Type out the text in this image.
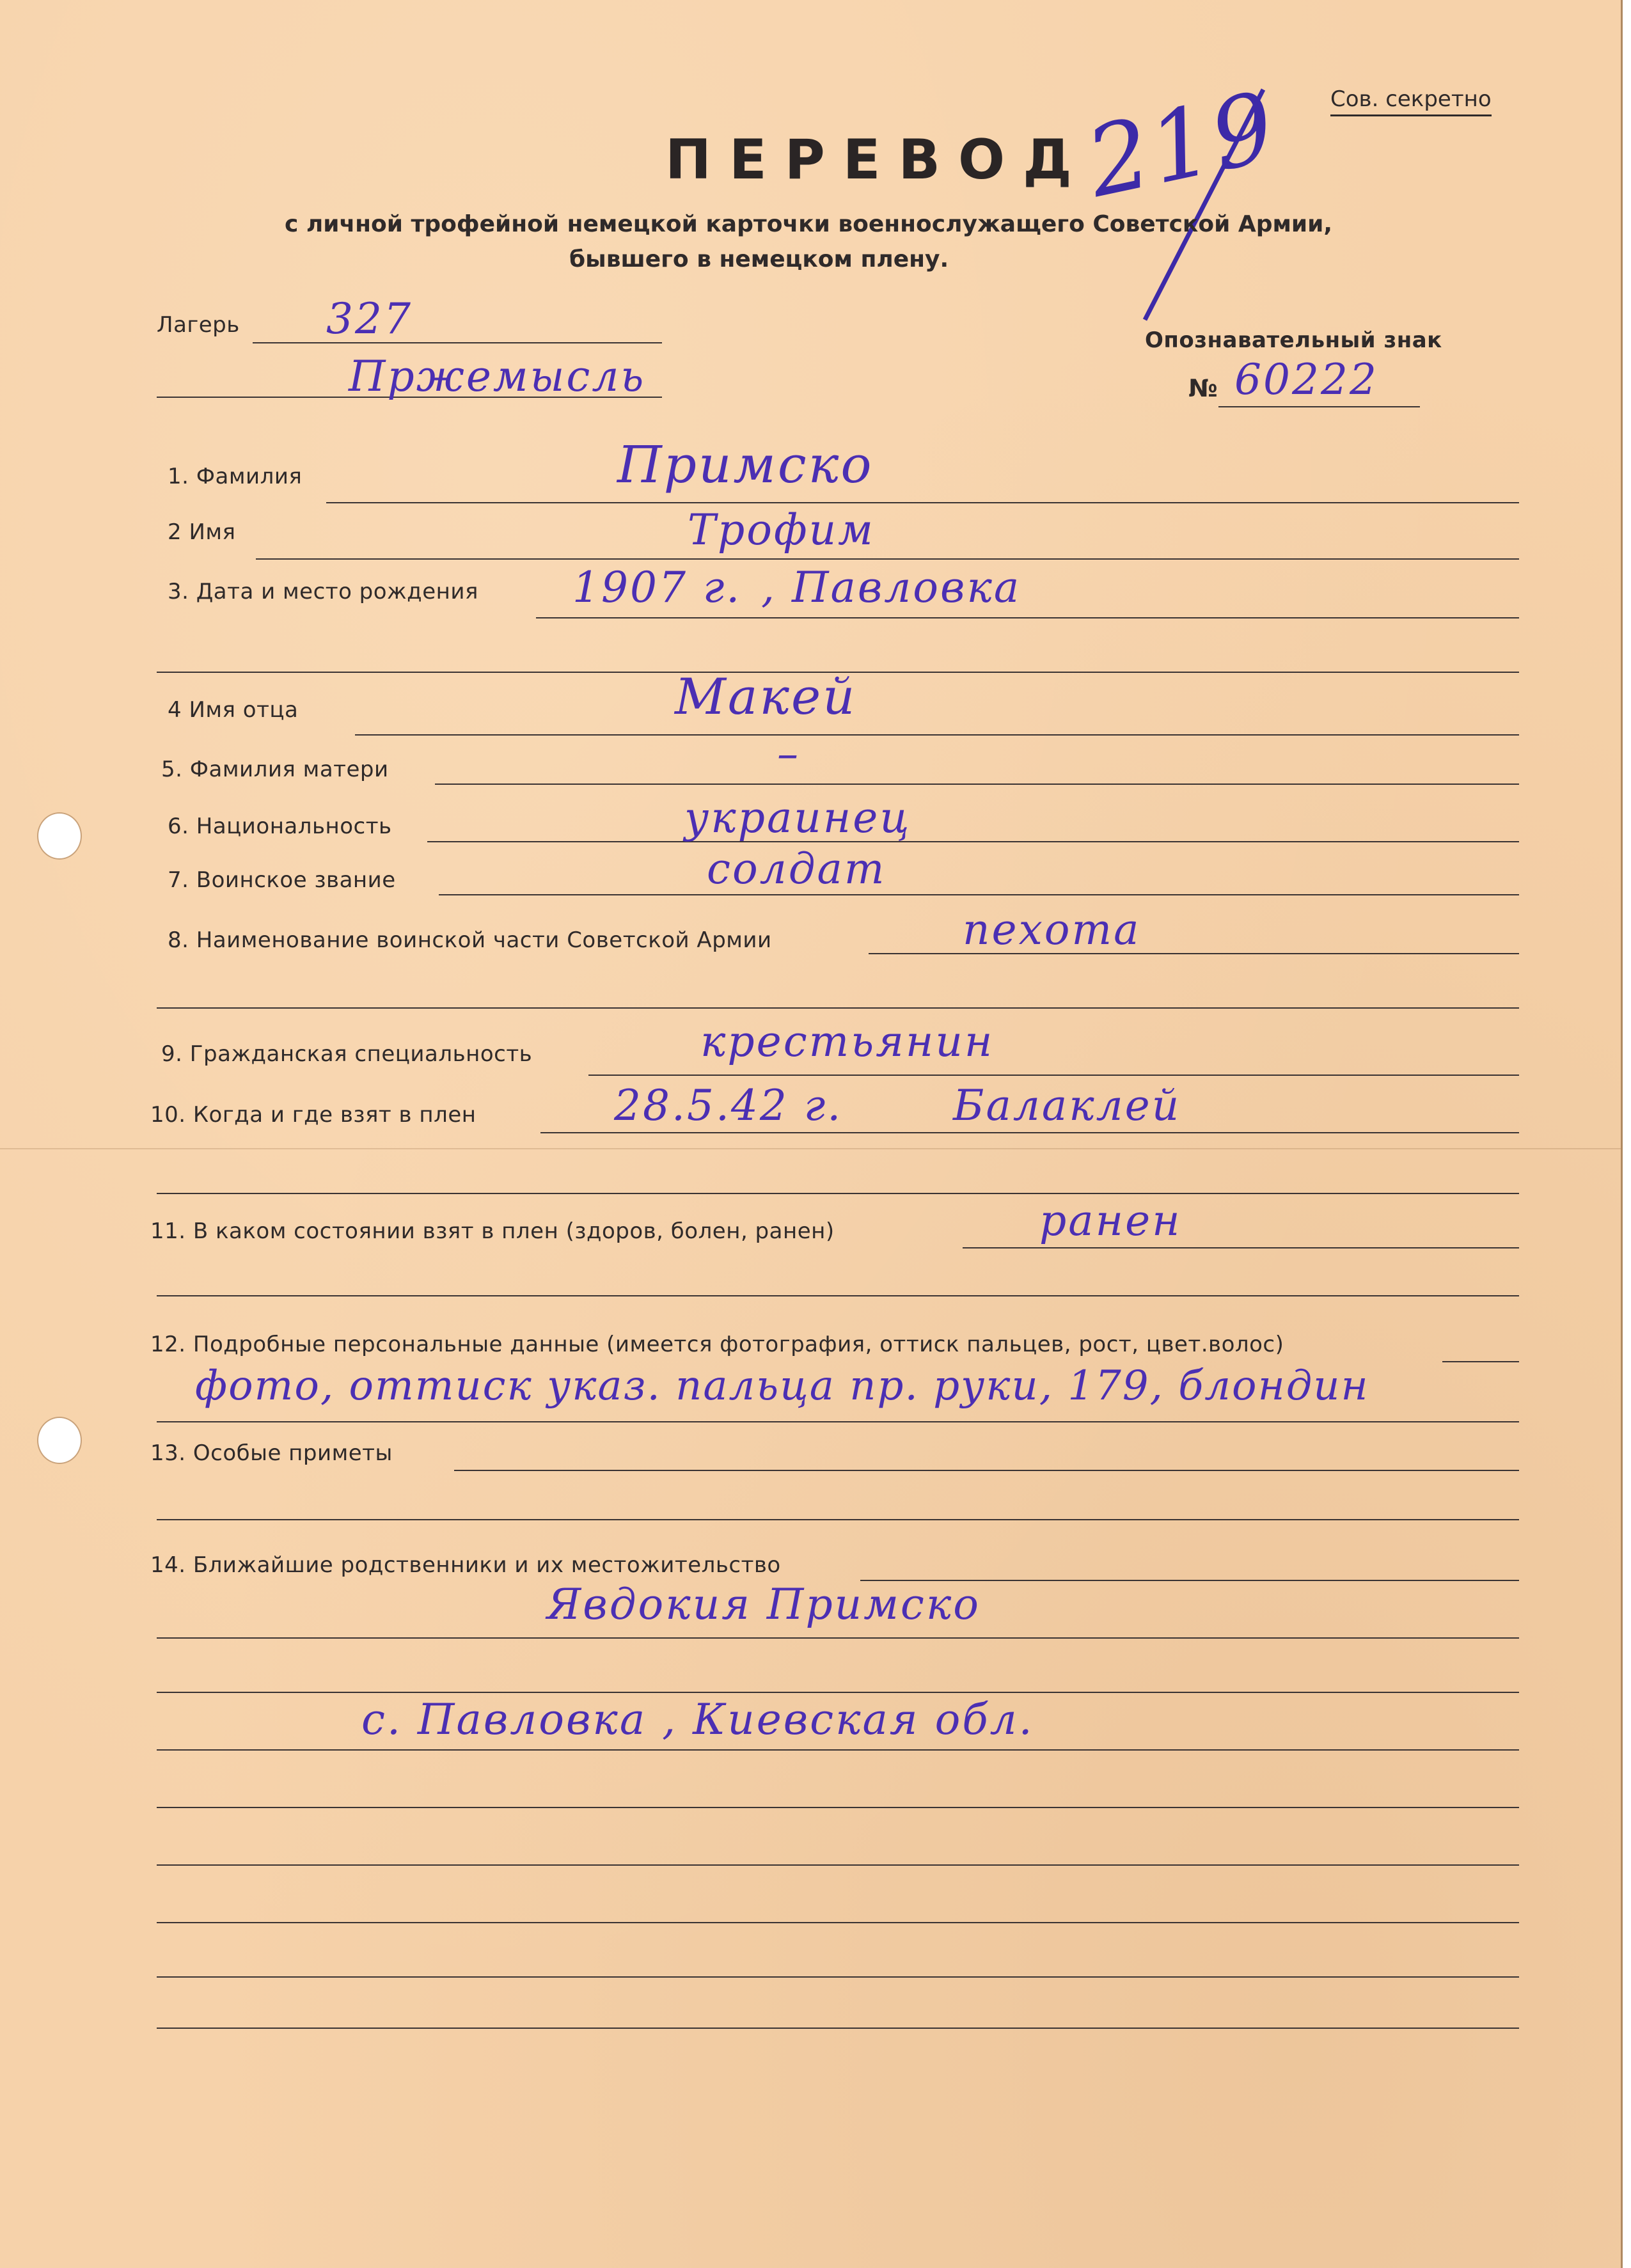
Сов. секретно
219
ПЕРЕВОД
с личной трофейной немецкой карточки военнослужащего Советской Армии,
бывшего в немецком плену.
Лагерь 327
Пржемысль
Опознавательный знак
№ 60222
1. Фамилия	Примско
2 Имя	Трофим
3. Дата и место рождения 1907 г. , Павловка
4 Имя отца	Макей
5. Фамилия матери	–
6. Национальность	украинец
7. Воинское звание	солдат
8. Наименование воинской части Советской Армии	пехота
9. Гражданская специальность	крестьянин
10. Когда и где взят в плен	28.5.42 г.	Балаклей
11. В каком состоянии взят в плен (здоров, болен, ранен)	ранен
12. Подробные персональные данные (имеется фотография, оттиск пальцев, рост, цвет.волос)
фото, оттиск указ. пальца пр. руки, 179, блондин
13. Особые приметы
14. Ближайшие родственники и их местожительство
Явдокия Примско
с. Павловка , Киевская обл.
